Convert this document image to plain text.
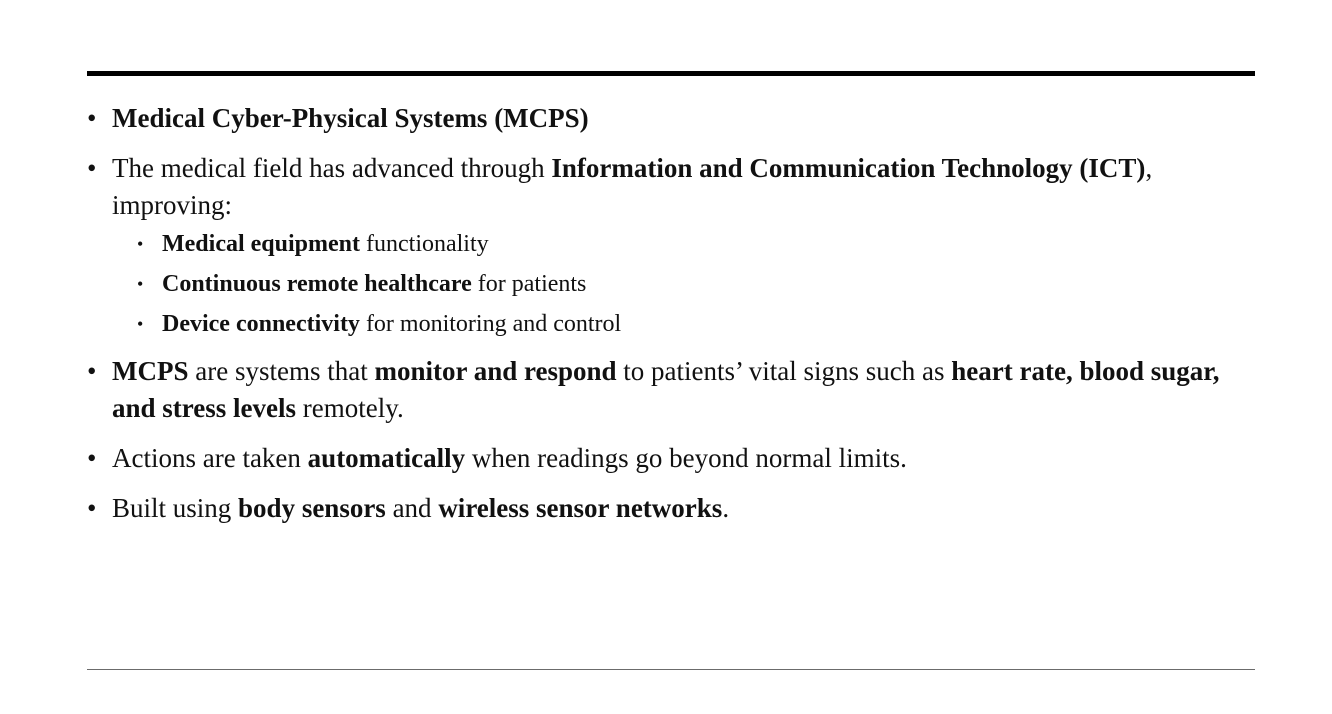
• Medical Cyber-Physical Systems (MCPS)
• The medical field has advanced through Information and Communication Technology (ICT), improving:
• Medical equipment functionality
• Continuous remote healthcare for patients
• Device connectivity for monitoring and control
• MCPS are systems that monitor and respond to patients’ vital signs such as heart rate, blood sugar, and stress levels remotely.
• Actions are taken automatically when readings go beyond normal limits.
• Built using body sensors and wireless sensor networks.
